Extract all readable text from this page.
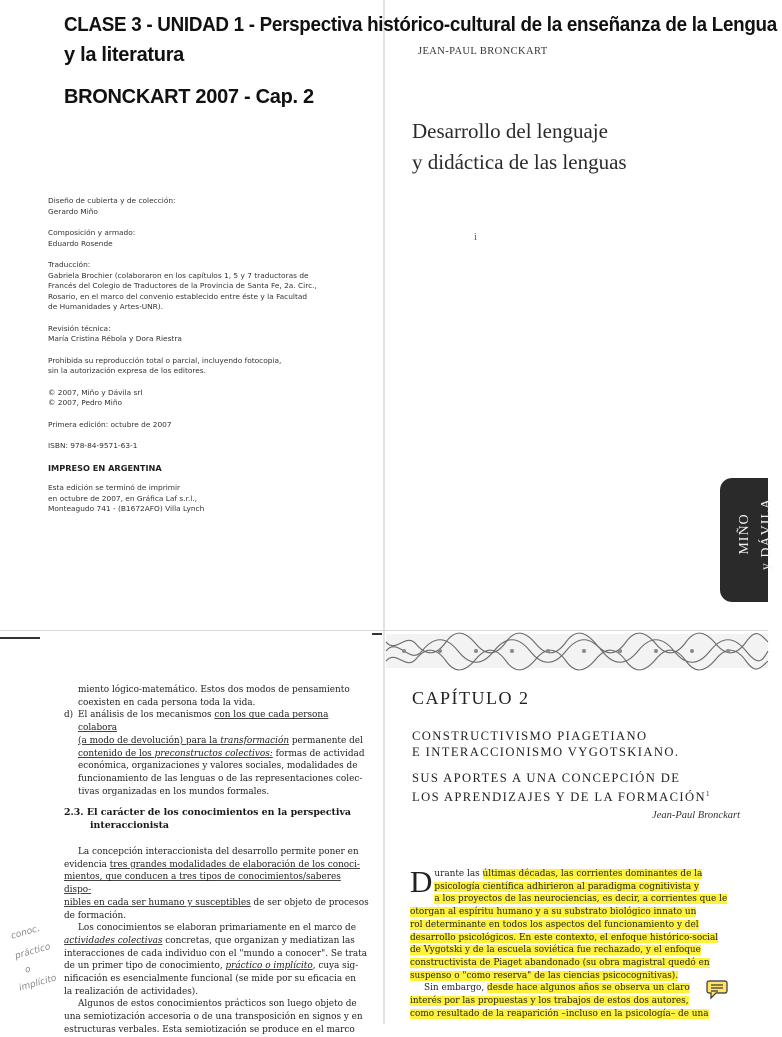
CLASE 3 - UNIDAD 1 - Perspectiva histórico-cultural de la enseñanza de la Lengua
y la literatura
BRONCKART 2007 - Cap. 2
JEAN-PAUL BRONCKART
Desarrollo del lenguaje
y didáctica de las lenguas
i
MIÑO y DÁVILA
Diseño de cubierta y de colección:
Gerardo Miño
Composición y armado:
Eduardo Rosende
Traducción:
Gabriela Brochier (colaboraron en los capítulos 1, 5 y 7 traductoras de
Francés del Colegio de Traductores de la Provincia de Santa Fe, 2a. Circ.,
Rosario, en el marco del convenio establecido entre éste y la Facultad
de Humanidades y Artes-UNR).
Revisión técnica:
María Cristina Rébola y Dora Riestra
Prohibida su reproducción total o parcial, incluyendo fotocopia,
sin la autorización expresa de los editores.
© 2007, Miño y Dávila srl
© 2007, Pedro Miño
Primera edición: octubre de 2007
ISBN: 978-84-9571-63-1
IMPRESO EN ARGENTINA
Esta edición se terminó de imprimir
en octubre de 2007, en Gráfica Laf s.r.l.,
Monteagudo 741 - (B1672AFO) Villa Lynch

miento lógico-matemático. Estos dos modos de pensamiento

coexisten en cada persona toda la vida.

d) El análisis de los mecanismos con los que cada persona colabora

(a modo de devolución) para la transformación permanente del

contenido de los preconstructos colectivos: formas de actividad

económica, organizaciones y valores sociales, modalidades de

funcionamiento de las lenguas o de las representaciones colec-

tivas organizadas en los mundos formales.

2.3. El carácter de los conocimientos en la perspectiva
interaccionista

La concepción interaccionista del desarrollo permite poner en

evidencia tres grandes modalidades de elaboración de los conoci-

mientos, que conducen a tres tipos de conocimientos/saberes dispo-

nibles en cada ser humano y susceptibles de ser objeto de procesos

de formación.

Los conocimientos se elaboran primariamente en el marco de

actividades colectivas concretas, que organizan y mediatizan las

interacciones de cada individuo con el "mundo a conocer". Se trata

de un primer tipo de conocimiento, práctico o implícito, cuya sig-

nificación es esencialmente funcional (se mide por su eficacia en

la realización de actividades).

Algunos de estos conocimientos prácticos son luego objeto de

una semiotización accesoria o de una transposición en signos y en

estructuras verbales. Esta semiotización se produce en el marco

conoc.
práctico
o
implícito
CAPÍTULO 2
CONSTRUCTIVISMO PIAGETIANO
E INTERACCIONISMO VYGOTSKIANO.
SUS APORTES A UNA CONCEPCIÓN DE
LOS APRENDIZAJES Y DE LA FORMACIÓN$^1$
Jean-Paul Bronckart
D urante las últimas décadas, las corrientes dominantes de la

psicología científica adhirieron al paradigma cognitivista y

a los proyectos de las neurociencias, es decir, a corrientes que le

otorgan al espíritu humano y a su substrato biológico innato un

rol determinante en todos los aspectos del funcionamiento y del

desarrollo psicológicos. En este contexto, el enfoque histórico-social

de Vygotski y de la escuela soviética fue rechazado, y el enfoque

constructivista de Piaget abandonado (su obra magistral quedó en

suspenso o "como reserva" de las ciencias psicocognitivas).

Sin embargo, desde hace algunos años se observa un claro

interés por las propuestas y los trabajos de estos dos autores,

como resultado de la reaparición –incluso en la psicología– de una
